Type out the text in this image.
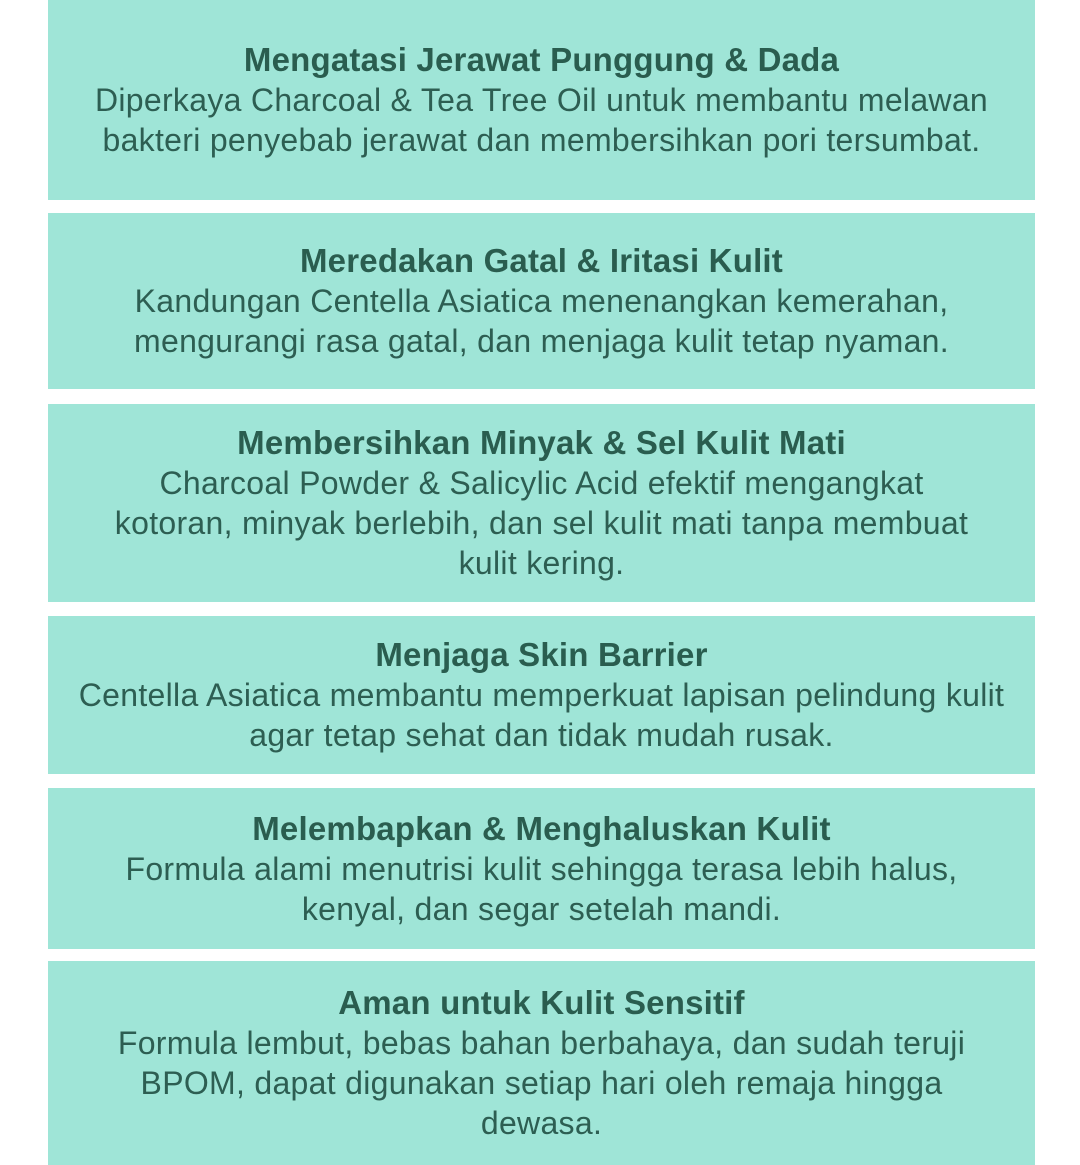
Mengatasi Jerawat Punggung & Dada
Diperkaya Charcoal & Tea Tree Oil untuk membantu melawan bakteri penyebab jerawat dan membersihkan pori tersumbat.
Meredakan Gatal & Iritasi Kulit
Kandungan Centella Asiatica menenangkan kemerahan, mengurangi rasa gatal, dan menjaga kulit tetap nyaman.
Membersihkan Minyak & Sel Kulit Mati
Charcoal Powder & Salicylic Acid efektif mengangkat kotoran, minyak berlebih, dan sel kulit mati tanpa membuat kulit kering.
Menjaga Skin Barrier
Centella Asiatica membantu memperkuat lapisan pelindung kulit agar tetap sehat dan tidak mudah rusak.
Melembapkan & Menghaluskan Kulit
Formula alami menutrisi kulit sehingga terasa lebih halus, kenyal, dan segar setelah mandi.
Aman untuk Kulit Sensitif
Formula lembut, bebas bahan berbahaya, dan sudah teruji BPOM, dapat digunakan setiap hari oleh remaja hingga dewasa.
